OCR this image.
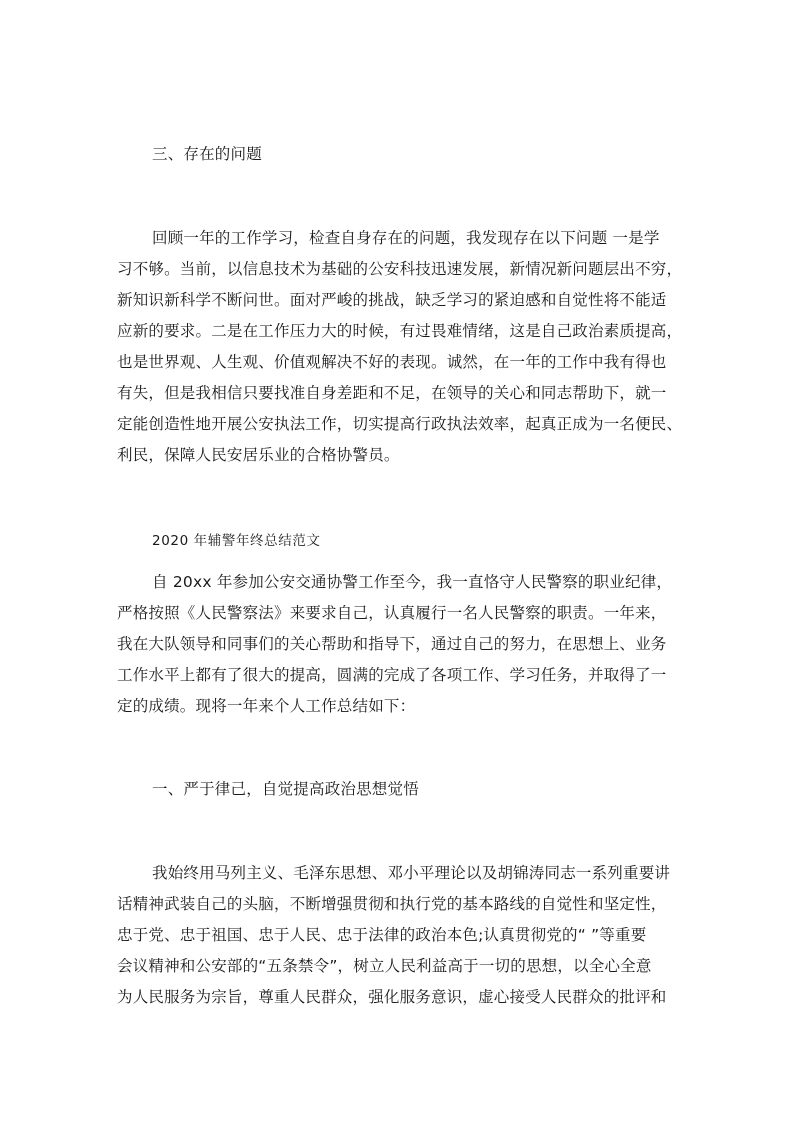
三、存在的问题
回顾一年的工作学习，检查自身存在的问题，我发现存在以下问题 一是学
习不够。当前，以信息技术为基础的公安科技迅速发展，新情况新问题层出不穷，
新知识新科学不断问世。面对严峻的挑战，缺乏学习的紧迫感和自觉性将不能适
应新的要求。二是在工作压力大的时候，有过畏难情绪，这是自己政治素质提高，
也是世界观、人生观、价值观解决不好的表现。诚然，在一年的工作中我有得也
有失，但是我相信只要找准自身差距和不足，在领导的关心和同志帮助下，就一
定能创造性地开展公安执法工作，切实提高行政执法效率，起真正成为一名便民、
利民，保障人民安居乐业的合格协警员。
2020 年辅警年终总结范文
自 20xx 年参加公安交通协警工作至今，我一直恪守人民警察的职业纪律，
严格按照《人民警察法》来要求自己，认真履行一名人民警察的职责。一年来，
我在大队领导和同事们的关心帮助和指导下，通过自己的努力，在思想上、业务
工作水平上都有了很大的提高，圆满的完成了各项工作、学习任务，并取得了一
定的成绩。现将一年来个人工作总结如下：
一、严于律己，自觉提高政治思想觉悟
我始终用马列主义、毛泽东思想、邓小平理论以及胡锦涛同志一系列重要讲
话精神武装自己的头脑，不断增强贯彻和执行党的基本路线的自觉性和坚定性，
忠于党、忠于祖国、忠于人民、忠于法律的政治本色;认真贯彻党的“ ”等重要
会议精神和公安部的“五条禁令”，树立人民利益高于一切的思想，以全心全意
为人民服务为宗旨，尊重人民群众，强化服务意识，虚心接受人民群众的批评和
